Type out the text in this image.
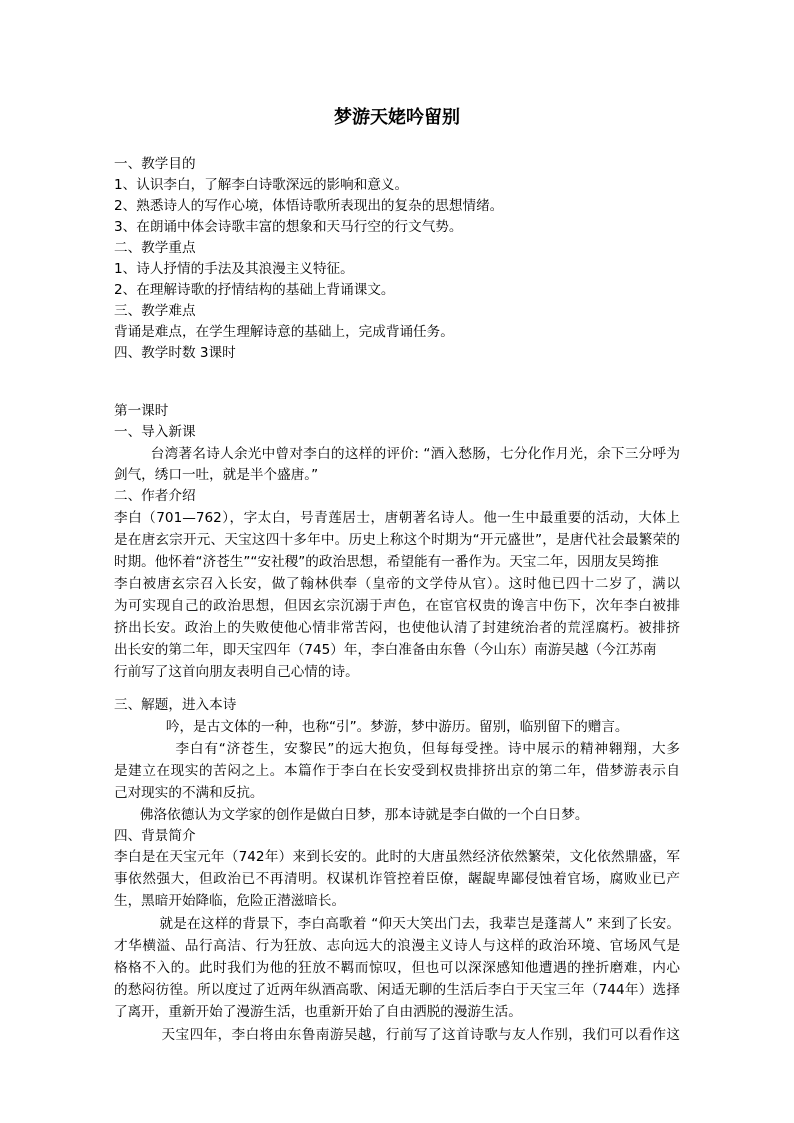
梦游天姥吟留别
一、教学目的
1、认识李白，了解李白诗歌深远的影响和意义。
2、熟悉诗人的写作心境，体悟诗歌所表现出的复杂的思想情绪。
3、在朗诵中体会诗歌丰富的想象和天马行空的行文气势。
二、教学重点
1、诗人抒情的手法及其浪漫主义特征。
2、在理解诗歌的抒情结构的基础上背诵课文。
三、教学难点
背诵是难点，在学生理解诗意的基础上，完成背诵任务。
四、教学时数 3课时
第一课时
一、导入新课
台湾著名诗人余光中曾对李白的这样的评价: “酒入愁肠，七分化作月光，余下三分呼为
剑气，绣口一吐，就是半个盛唐。”
二、作者介绍
李白（701—762），字太白，号青莲居士，唐朝著名诗人。他一生中最重要的活动，大体上
是在唐玄宗开元、天宝这四十多年中。历史上称这个时期为“开元盛世”，是唐代社会最繁荣的
时期。他怀着“济苍生”“安社稷”的政治思想，希望能有一番作为。天宝二年，因朋友吴筠推
李白被唐玄宗召入长安，做了翰林供奉（皇帝的文学侍从官）。这时他已四十二岁了，满以
为可实现自己的政治思想，但因玄宗沉溺于声色，在宦官权贵的谗言中伤下，次年李白被排
挤出长安。政治上的失败使他心情非常苦闷，也使他认清了封建统治者的荒淫腐朽。被排挤
出长安的第二年，即天宝四年（745）年，李白准备由东鲁（今山东）南游吴越（今江苏南
行前写了这首向朋友表明自己心情的诗。
三、解题，进入本诗
吟，是古文体的一种，也称“引”。梦游，梦中游历。留别，临别留下的赠言。
李白有“济苍生，安黎民”的远大抱负，但每每受挫。诗中展示的精神翱翔，大多
是建立在现实的苦闷之上。本篇作于李白在长安受到权贵排挤出京的第二年，借梦游表示自
己对现实的不满和反抗。
佛洛依德认为文学家的创作是做白日梦，那本诗就是李白做的一个白日梦。
四、背景简介
李白是在天宝元年（742年）来到长安的。此时的大唐虽然经济依然繁荣，文化依然鼎盛，军
事依然强大，但政治已不再清明。权谋机诈管控着臣僚，龌龊卑鄙侵蚀着官场，腐败业已产
生，黑暗开始降临，危险正潜滋暗长。
就是在这样的背景下，李白高歌着 “仰天大笑出门去，我辈岂是蓬蒿人” 来到了长安。
才华横溢、品行高洁、行为狂放、志向远大的浪漫主义诗人与这样的政治环境、官场风气是
格格不入的。此时我们为他的狂放不羁而惊叹，但也可以深深感知他遭遇的挫折磨难，内心
的愁闷彷徨。所以度过了近两年纵酒高歌、闲适无聊的生活后李白于天宝三年（744年）选择
了离开，重新开始了漫游生活，也重新开始了自由洒脱的漫游生活。
天宝四年，李白将由东鲁南游吴越，行前写了这首诗歌与友人作别，我们可以看作这
